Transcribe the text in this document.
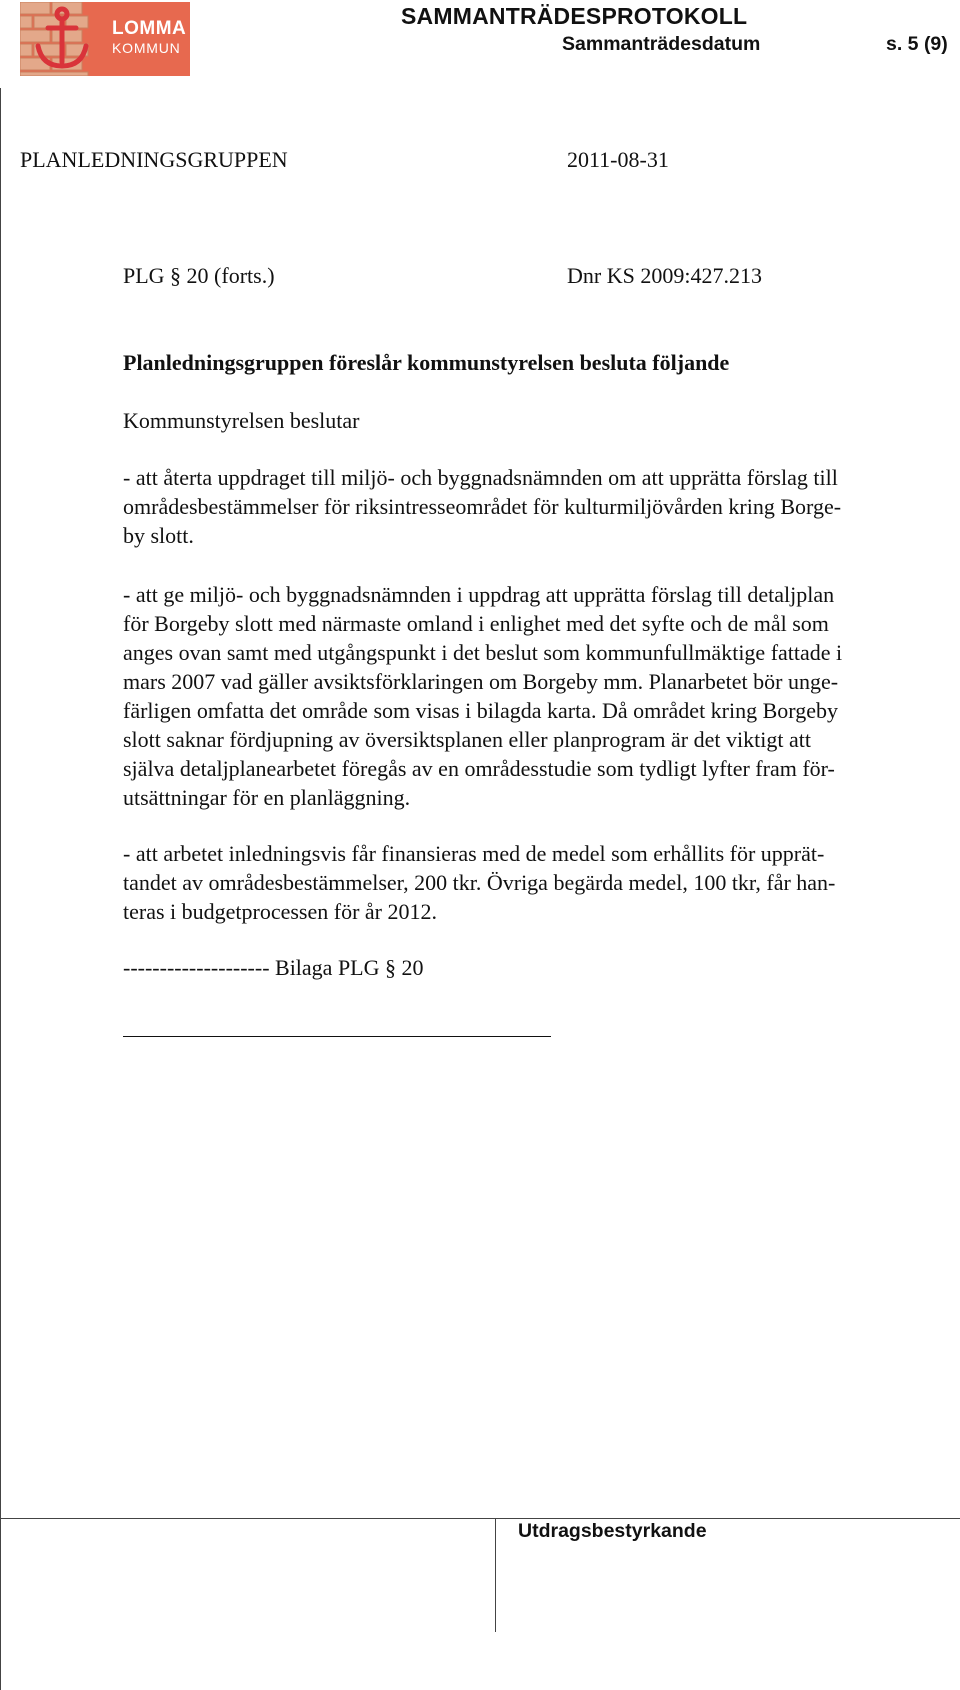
LOMMA
KOMMUN
SAMMANTRÄDESPROTOKOLL
Sammanträdesdatum	s. 5 (9)
PLANLEDNINGSGRUPPEN	2011-08-31
PLG § 20 (forts.)	Dnr KS 2009:427.213
Planledningsgruppen föreslår kommunstyrelsen besluta följande
Kommunstyrelsen beslutar
- att återta uppdraget till miljö- och byggnadsnämnden om att upprätta förslag till
områdesbestämmelser för riksintresseområdet för kulturmiljövården kring Borge-
by slott.
- att ge miljö- och byggnadsnämnden i uppdrag att upprätta förslag till detaljplan
för Borgeby slott med närmaste omland i enlighet med det syfte och de mål som
anges ovan samt med utgångspunkt i det beslut som kommunfullmäktige fattade i
mars 2007 vad gäller avsiktsförklaringen om Borgeby mm. Planarbetet bör unge-
färligen omfatta det område som visas i bilagda karta. Då området kring Borgeby
slott saknar fördjupning av översiktsplanen eller planprogram är det viktigt att
själva detaljplanearbetet föregås av en områdesstudie som tydligt lyfter fram för-
utsättningar för en planläggning.
- att arbetet inledningsvis får finansieras med de medel som erhållits för upprät-
tandet av områdesbestämmelser, 200 tkr. Övriga begärda medel, 100 tkr, får han-
teras i budgetprocessen för år 2012.
-------------------- Bilaga PLG § 20
Utdragsbestyrkande
